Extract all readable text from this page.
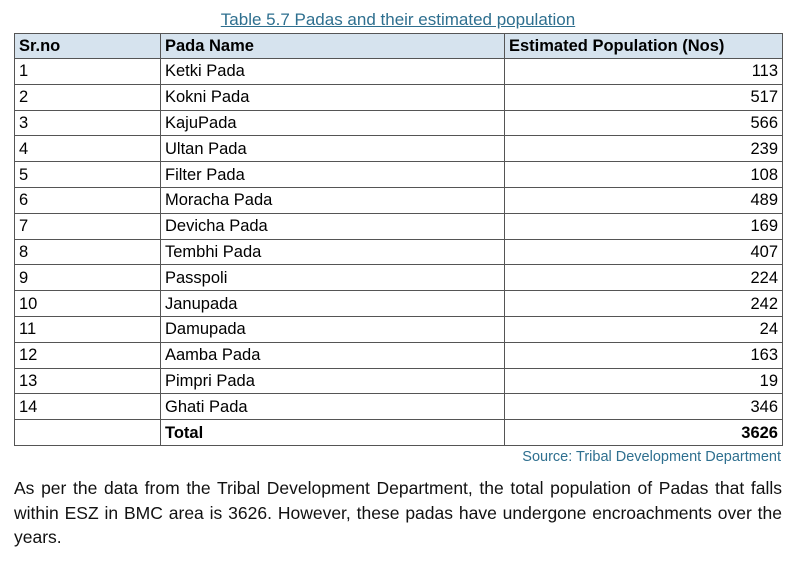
Table 5.7 Padas and their estimated population
Sr.no	Pada Name	Estimated Population (Nos)
1	Ketki Pada	113
2	Kokni Pada	517
3	KajuPada	566
4	Ultan Pada	239
5	Filter Pada	108
6	Moracha Pada	489
7	Devicha Pada	169
8	Tembhi Pada	407
9	Passpoli	224
10	Janupada	242
11	Damupada	24
12	Aamba Pada	163
13	Pimpri Pada	19
14	Ghati Pada	346
	Total	3626
Source: Tribal Development Department
As per the data from the Tribal Development Department, the total population of Padas that falls within ESZ in BMC area is 3626. However, these padas have undergone encroachments over the years.
